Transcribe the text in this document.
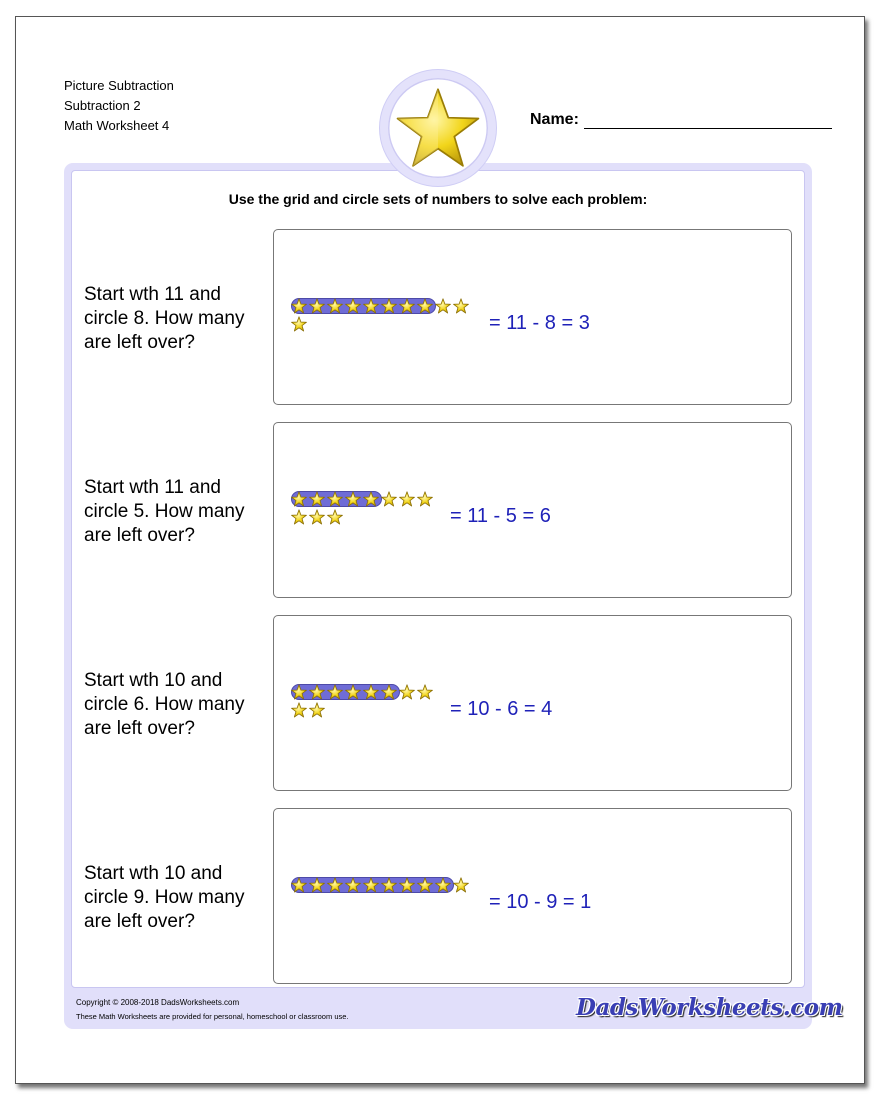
Picture Subtraction
Subtraction 2
Math Worksheet 4	Name:
Use the grid and circle sets of numbers to solve each problem:
Start wth 11 and circle 8. How many are left over?
= 11 - 8 = 3
Start wth 11 and circle 5. How many are left over?
= 11 - 5 = 6
Start wth 10 and circle 6. How many are left over?
= 10 - 6 = 4
Start wth 10 and circle 9. How many are left over?
= 10 - 9 = 1
Copyright © 2008-2018 DadsWorksheets.com
These Math Worksheets are provided for personal, homeschool or classroom use.	DadsWorksheets.com
